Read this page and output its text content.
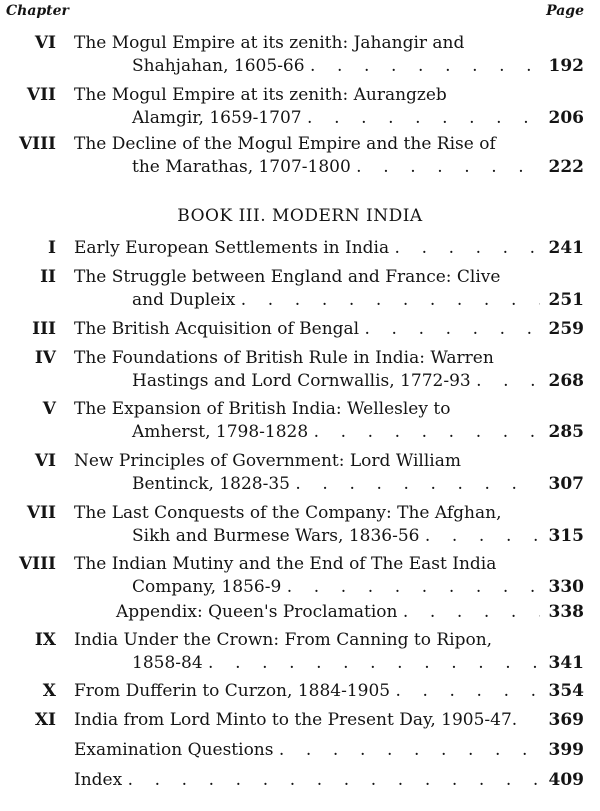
Chapter	Page
BOOK III. MODERN INDIA
VI The Mogul Empire at its zenith: Jahangir and
Shahjahan, 1605-66 .	192
VII The Mogul Empire at its zenith: Aurangzeb
Alamgir, 1659-1707 .	206
VIII The Decline of the Mogul Empire and the Rise of
the Marathas, 1707-1800 .	222
I Early European Settlements in India .	241
II The Struggle between England and France: Clive
and Dupleix .	251
III The British Acquisition of Bengal .	259
IV The Foundations of British Rule in India: Warren
Hastings and Lord Cornwallis, 1772-93 .	268
V The Expansion of British India: Wellesley to
Amherst, 1798-1828 .	285
VI New Principles of Government: Lord William
Bentinck, 1828-35 .	307
VII The Last Conquests of the Company: The Afghan,
Sikh and Burmese Wars, 1836-56 .	315
VIII The Indian Mutiny and the End of The East India
Company, 1856-9 .	330
Appendix: Queen's Proclamation .	338
IX India Under the Crown: From Canning to Ripon,
1858-84 .	341
X From Dufferin to Curzon, 1884-1905 .	354
XI India from Lord Minto to the Present Day, 1905-47.	369
Examination Questions .	399
Index .	409
